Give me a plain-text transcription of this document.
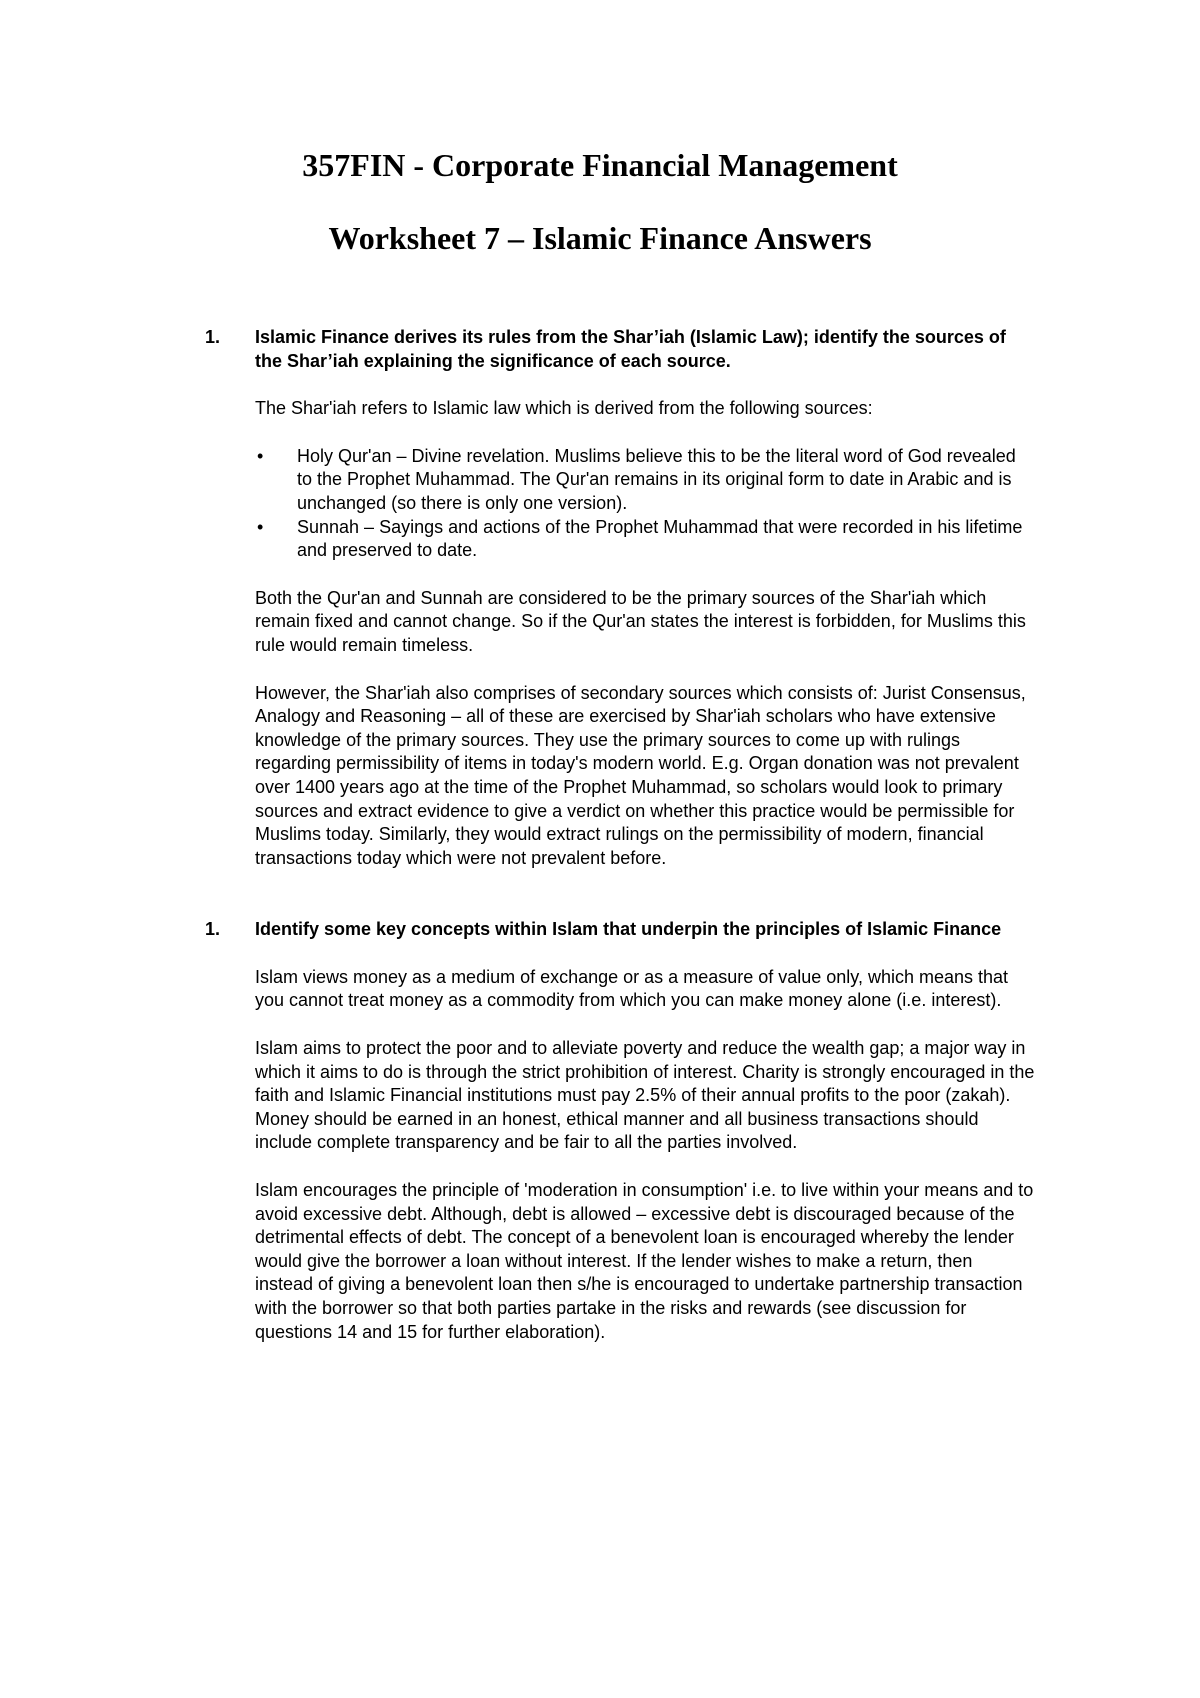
357FIN - Corporate Financial Management
Worksheet 7 – Islamic Finance Answers

1. Islamic Finance derives its rules from the Shar’iah (Islamic Law); identify the sources of the Shar’iah explaining the significance of each source.

The Shar'iah refers to Islamic law which is derived from the following sources:

• Holy Qur'an – Divine revelation. Muslims believe this to be the literal word of God revealed to the Prophet Muhammad. The Qur'an remains in its original form to date in Arabic and is unchanged (so there is only one version).
• Sunnah – Sayings and actions of the Prophet Muhammad that were recorded in his lifetime and preserved to date.

Both the Qur'an and Sunnah are considered to be the primary sources of the Shar'iah which remain fixed and cannot change. So if the Qur'an states the interest is forbidden, for Muslims this rule would remain timeless.

However, the Shar'iah also comprises of secondary sources which consists of: Jurist Consensus, Analogy and Reasoning – all of these are exercised by Shar'iah scholars who have extensive knowledge of the primary sources. They use the primary sources to come up with rulings regarding permissibility of items in today's modern world. E.g. Organ donation was not prevalent over 1400 years ago at the time of the Prophet Muhammad, so scholars would look to primary sources and extract evidence to give a verdict on whether this practice would be permissible for Muslims today. Similarly, they would extract rulings on the permissibility of modern, financial transactions today which were not prevalent before.

1. Identify some key concepts within Islam that underpin the principles of Islamic Finance

Islam views money as a medium of exchange or as a measure of value only, which means that you cannot treat money as a commodity from which you can make money alone (i.e. interest).

Islam aims to protect the poor and to alleviate poverty and reduce the wealth gap; a major way in which it aims to do is through the strict prohibition of interest. Charity is strongly encouraged in the faith and Islamic Financial institutions must pay 2.5% of their annual profits to the poor (zakah). Money should be earned in an honest, ethical manner and all business transactions should include complete transparency and be fair to all the parties involved.

Islam encourages the principle of 'moderation in consumption' i.e. to live within your means and to avoid excessive debt. Although, debt is allowed – excessive debt is discouraged because of the detrimental effects of debt. The concept of a benevolent loan is encouraged whereby the lender would give the borrower a loan without interest. If the lender wishes to make a return, then instead of giving a benevolent loan then s/he is encouraged to undertake partnership transaction with the borrower so that both parties partake in the risks and rewards (see discussion for questions 14 and 15 for further elaboration).
